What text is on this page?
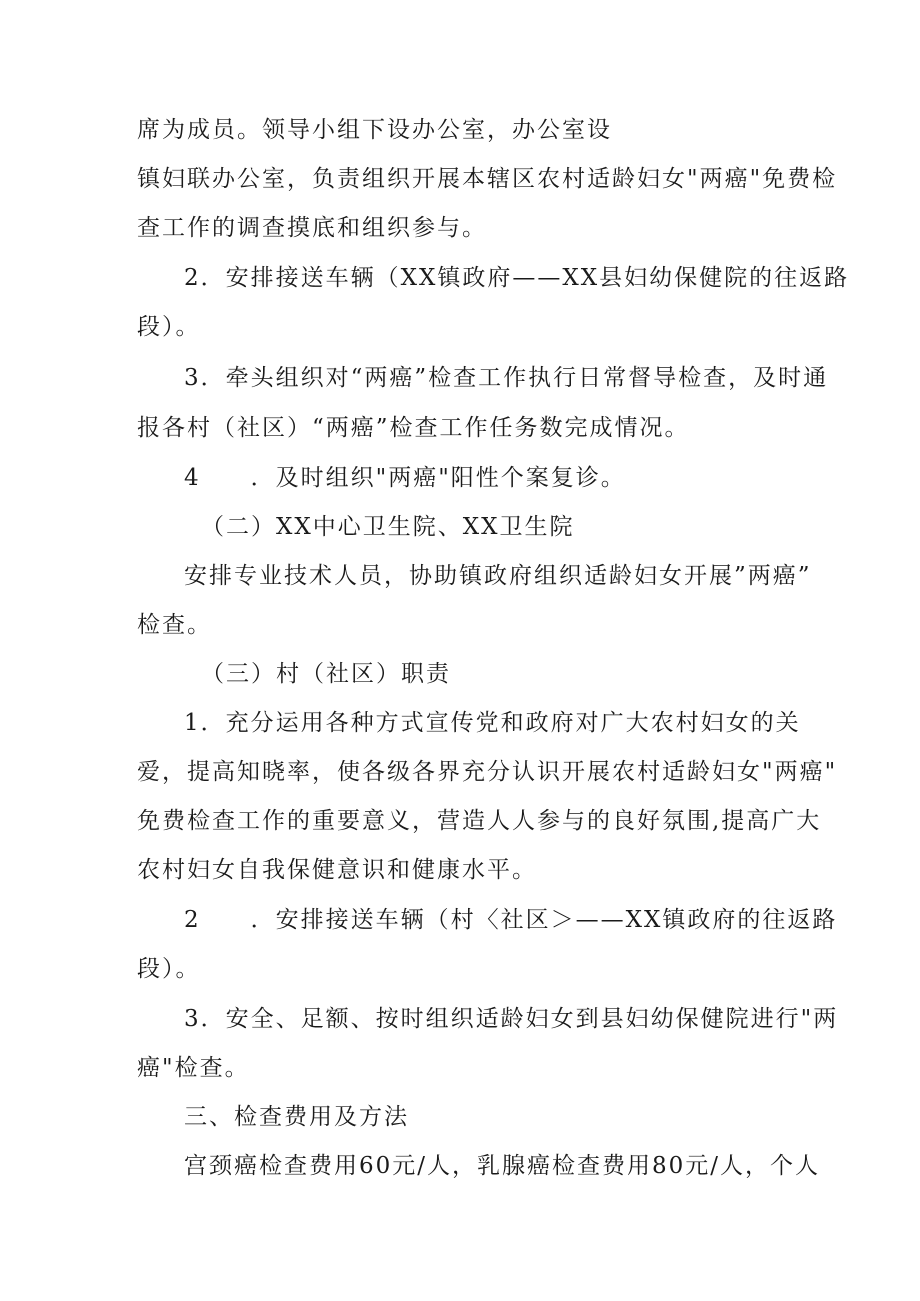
席为成员。领导小组下设办公室，办公室设
镇妇联办公室，负责组织开展本辖区农村适龄妇女"两癌"免费检
查工作的调查摸底和组织参与。
2．安排接送车辆（XX镇政府——XX县妇幼保健院的往返路
段）。
3．牵头组织对“两癌”检查工作执行日常督导检查，及时通
报各村（社区）“两癌”检查工作任务数完成情况。
4　　．及时组织"两癌"阳性个案复诊。
（二）XX中心卫生院、XX卫生院
安排专业技术人员，协助镇政府组织适龄妇女开展”两癌”
检查。
（三）村（社区）职责
1．充分运用各种方式宣传党和政府对广大农村妇女的关
爱，提高知晓率，使各级各界充分认识开展农村适龄妇女"两癌"
免费检查工作的重要意义，营造人人参与的良好氛围,提高广大
农村妇女自我保健意识和健康水平。
2　　．安排接送车辆（村〈社区＞——XX镇政府的往返路
段）。
3．安全、足额、按时组织适龄妇女到县妇幼保健院进行"两
癌"检查。
三、检查费用及方法
宫颈癌检查费用60元/人，乳腺癌检查费用80元/人，个人
